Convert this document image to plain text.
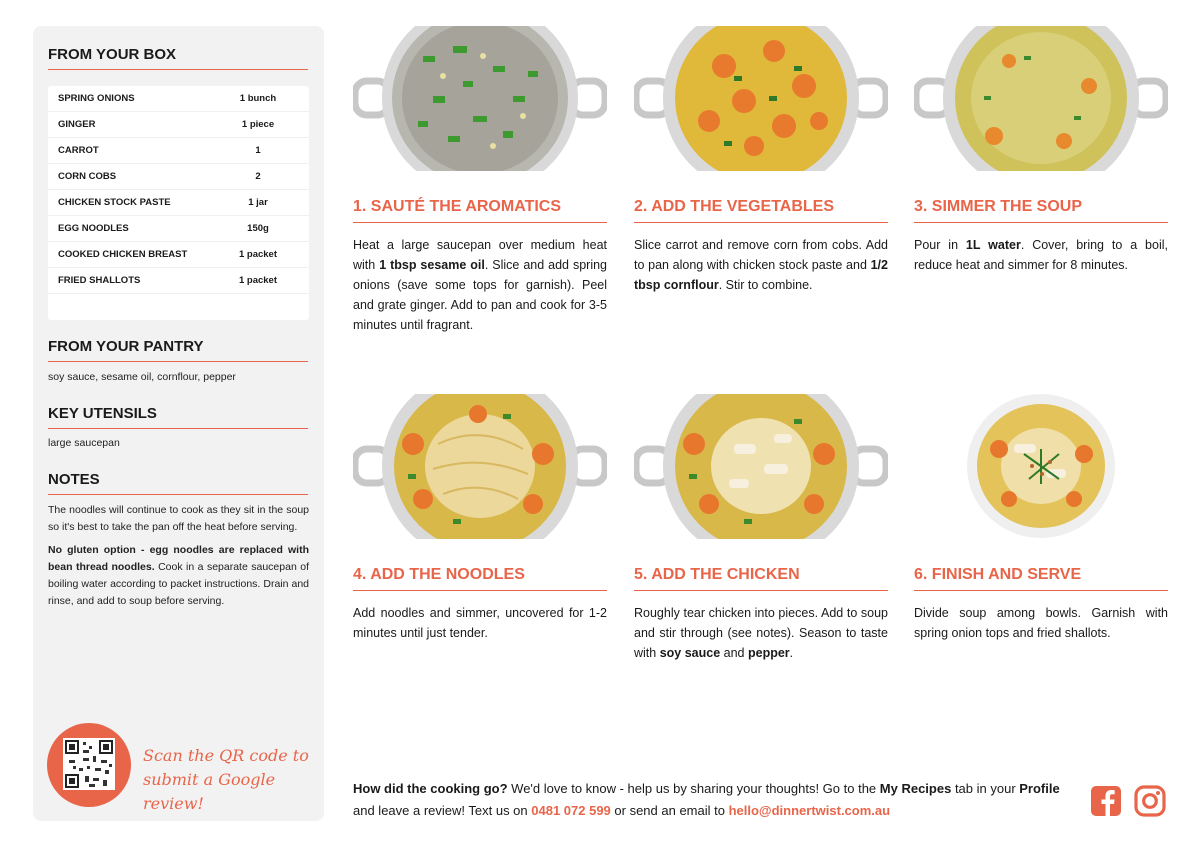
FROM YOUR BOX
SPRING ONIONS	1 bunch
GINGER	1 piece
CARROT	1
CORN COBS	2
CHICKEN STOCK PASTE	1 jar
EGG NOODLES	150g
COOKED CHICKEN BREAST	1 packet
FRIED SHALLOTS	1 packet
FROM YOUR PANTRY
soy sauce, sesame oil, cornflour, pepper
KEY UTENSILS
large saucepan
NOTES

The noodles will continue to cook as they sit in the soup so it's best to take the pan off the heat before serving.

No gluten option - egg noodles are replaced with bean thread noodles. Cook in a separate saucepan of boiling water according to packet instructions. Drain and rinse, and add to soup before serving.

Scan the QR code to
submit a Google review!
1. SAUTÉ THE AROMATICS
Heat a large saucepan over medium heat with 1 tbsp sesame oil. Slice and add spring onions (save some tops for garnish). Peel and grate ginger. Add to pan and cook for 3-5 minutes until fragrant.
2. ADD THE VEGETABLES
Slice carrot and remove corn from cobs. Add to pan along with chicken stock paste and 1/2 tbsp cornflour. Stir to combine.
3. SIMMER THE SOUP
Pour in 1L water. Cover, bring to a boil, reduce heat and simmer for 8 minutes.
4. ADD THE NOODLES
Add noodles and simmer, uncovered for 1-2 minutes until just tender.
5. ADD THE CHICKEN
Roughly tear chicken into pieces. Add to soup and stir through (see notes). Season to taste with soy sauce and pepper.
6. FINISH AND SERVE
Divide soup among bowls. Garnish with spring onion tops and fried shallots.
How did the cooking go? We'd love to know - help us by sharing your thoughts! Go to the My Recipes tab in your Profile and leave a review! Text us on 0481 072 599 or send an email to hello@dinnertwist.com.au
